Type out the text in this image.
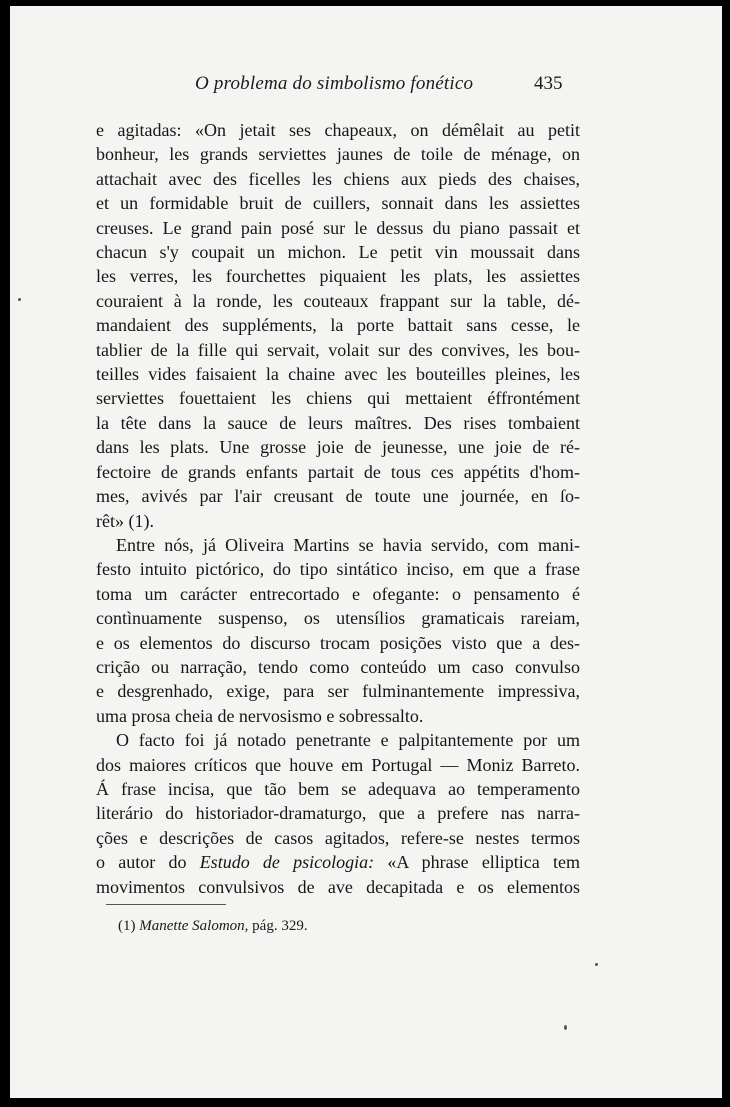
O problema do simbolismo fonético	435
e agitadas: «On jetait ses chapeaux, on démêlait au petit
bonheur, les grands serviettes jaunes de toile de ménage, on
attachait avec des ficelles les chiens aux pieds des chaises,
et un formidable bruit de cuillers, sonnait dans les assiettes
creuses. Le grand pain posé sur le dessus du piano passait et
chacun s'y coupait un michon. Le petit vin moussait dans
les verres, les fourchettes piquaient les plats, les assiettes
couraient à la ronde, les couteaux frappant sur la table, dé-
mandaient des suppléments, la porte battait sans cesse, le
tablier de la fille qui servait, volait sur des convives, les bou-
teilles vides faisaient la chaine avec les bouteilles pleines, les
serviettes fouettaient les chiens qui mettaient éffrontément
la tête dans la sauce de leurs maîtres. Des rises tombaient
dans les plats. Une grosse joie de jeunesse, une joie de ré-
fectoire de grands enfants partait de tous ces appétits d'hom-
mes, avivés par l'air creusant de toute une journée, en ſo-
rêt» (1).
Entre nós, já Oliveira Martins se havia servido, com mani-
festo intuito pictórico, do tipo sintático inciso, em que a frase
toma um carácter entrecortado e ofegante: o pensamento é
contìnuamente suspenso, os utensílios gramaticais rareiam,
e os elementos do discurso trocam posições visto que a des-
crição ou narração, tendo como conteúdo um caso convulso
e desgrenhado, exige, para ser fulminantemente impressiva,
uma prosa cheia de nervosismo e sobressalto.
O facto foi já notado penetrante e palpitantemente por um
dos maiores críticos que houve em Portugal — Moniz Barreto.
Á frase incisa, que tão bem se adequava ao temperamento
literário do historiador-dramaturgo, que a prefere nas narra-
ções e descrições de casos agitados, refere-se nestes termos
o autor do Estudo de psicologia: «A phrase elliptica tem
movimentos convulsivos de ave decapitada e os elementos
(1) Manette Salomon, pág. 329.
